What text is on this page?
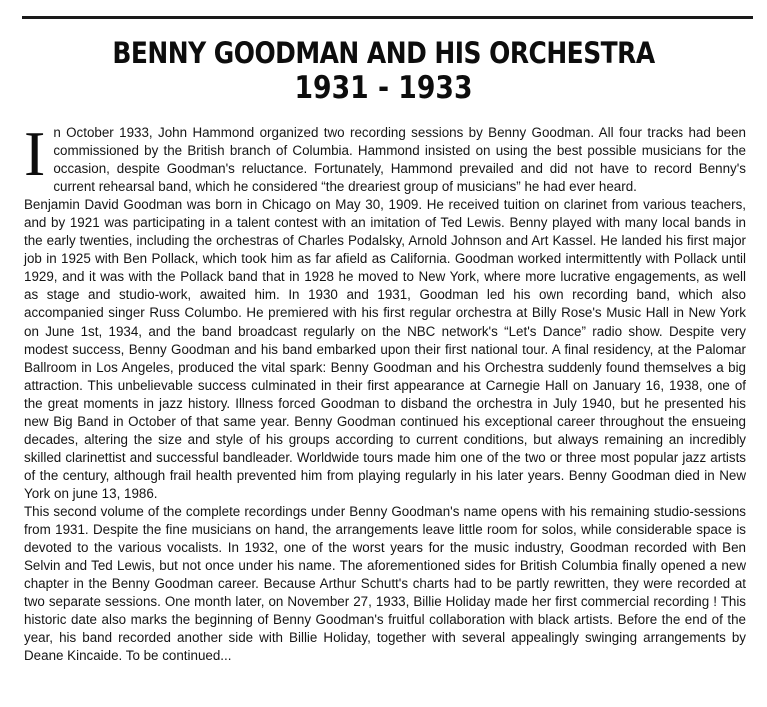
BENNY GOODMAN AND HIS ORCHESTRA
1931 - 1933

In October 1933, John Hammond organized two recording sessions by Benny Goodman. All four tracks had been commissioned by the British branch of Columbia. Hammond insisted on using the best possible musicians for the occasion, despite Goodman's reluctance. Fortunately, Hammond prevailed and did not have to record Benny's current rehearsal band, which he considered “the dreariest group of musicians” he had ever heard.

Benjamin David Goodman was born in Chicago on May 30, 1909. He received tuition on clarinet from various teachers, and by 1921 was participating in a talent contest with an imitation of Ted Lewis. Benny played with many local bands in the early twenties, including the orchestras of Charles Podalsky, Arnold Johnson and Art Kassel. He landed his first major job in 1925 with Ben Pollack, which took him as far afield as California. Goodman worked intermittently with Pollack until 1929, and it was with the Pollack band that in 1928 he moved to New York, where more lucrative engagements, as well as stage and studio-work, awaited him. In 1930 and 1931, Goodman led his own recording band, which also accompanied singer Russ Columbo. He premiered with his first regular orchestra at Billy Rose's Music Hall in New York on June 1st, 1934, and the band broadcast regularly on the NBC network's “Let's Dance” radio show. Despite very modest success, Benny Goodman and his band embarked upon their first national tour. A final residency, at the Palomar Ballroom in Los Angeles, produced the vital spark: Benny Goodman and his Orchestra suddenly found themselves a big attraction. This unbelievable success culminated in their first appearance at Carnegie Hall on January 16, 1938, one of the great moments in jazz history. Illness forced Goodman to disband the orchestra in July 1940, but he presented his new Big Band in October of that same year. Benny Goodman continued his exceptional career throughout the ensueing decades, altering the size and style of his groups according to current conditions, but always remaining an incredibly skilled clarinettist and successful bandleader. Worldwide tours made him one of the two or three most popular jazz artists of the century, although frail health prevented him from playing regularly in his later years. Benny Goodman died in New York on june 13, 1986.

This second volume of the complete recordings under Benny Goodman's name opens with his remaining studio-sessions from 1931. Despite the fine musicians on hand, the arrangements leave little room for solos, while considerable space is devoted to the various vocalists. In 1932, one of the worst years for the music industry, Goodman recorded with Ben Selvin and Ted Lewis, but not once under his name. The aforementioned sides for British Columbia finally opened a new chapter in the Benny Goodman career. Because Arthur Schutt's charts had to be partly rewritten, they were recorded at two separate sessions. One month later, on November 27, 1933, Billie Holiday made her first commercial recording ! This historic date also marks the beginning of Benny Goodman's fruitful collaboration with black artists. Before the end of the year, his band recorded another side with Billie Holiday, together with several appealingly swinging arrangements by Deane Kincaide. To be continued...
